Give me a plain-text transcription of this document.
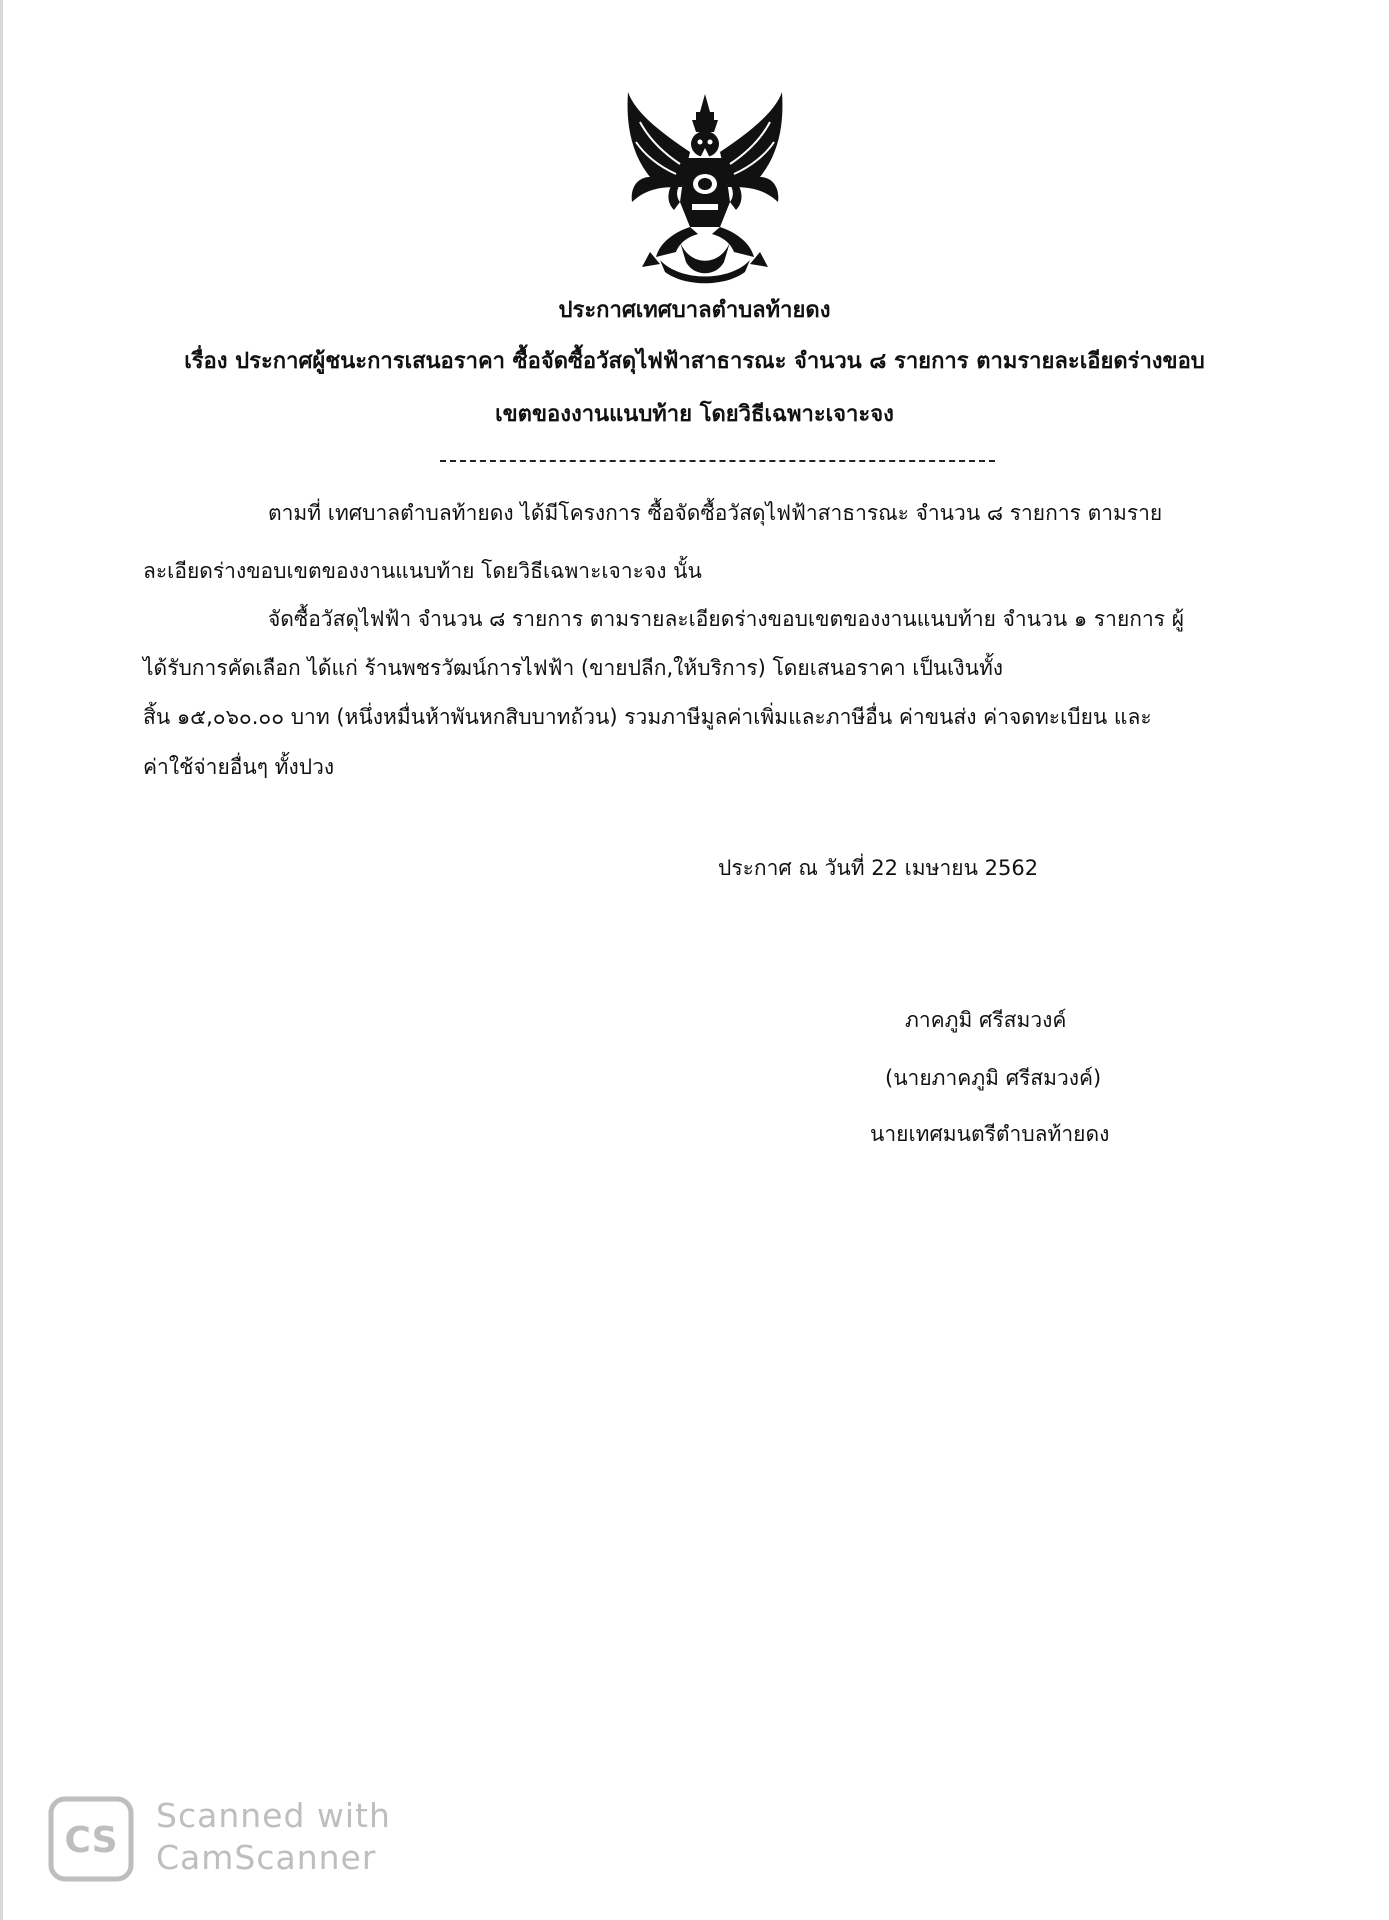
ประกาศเทศบาลตำบลท้ายดง
เรื่อง ประกาศผู้ชนะการเสนอราคา ซื้อจัดซื้อวัสดุไฟฟ้าสาธารณะ จำนวน ๘ รายการ ตามรายละเอียดร่างขอบ
เขตของงานแนบท้าย โดยวิธีเฉพาะเจาะจง
ตามที่ เทศบาลตำบลท้ายดง ได้มีโครงการ ซื้อจัดซื้อวัสดุไฟฟ้าสาธารณะ จำนวน ๘ รายการ ตามราย
ละเอียดร่างขอบเขตของงานแนบท้าย โดยวิธีเฉพาะเจาะจง นั้น
จัดซื้อวัสดุไฟฟ้า จำนวน ๘ รายการ ตามรายละเอียดร่างขอบเขตของงานแนบท้าย จำนวน ๑ รายการ ผู้
ได้รับการคัดเลือก ได้แก่ ร้านพชรวัฒน์การไฟฟ้า (ขายปลีก,ให้บริการ) โดยเสนอราคา เป็นเงินทั้ง
สิ้น ๑๕,๐๖๐.๐๐ บาท (หนึ่งหมื่นห้าพันหกสิบบาทถ้วน) รวมภาษีมูลค่าเพิ่มและภาษีอื่น ค่าขนส่ง ค่าจดทะเบียน และ
ค่าใช้จ่ายอื่นๆ ทั้งปวง
ประกาศ ณ วันที่ 22 เมษายน 2562
ภาคภูมิ ศรีสมวงค์
(นายภาคภูมิ ศรีสมวงค์)
นายเทศมนตรีตำบลท้ายดง
CS
Scanned with
CamScanner
